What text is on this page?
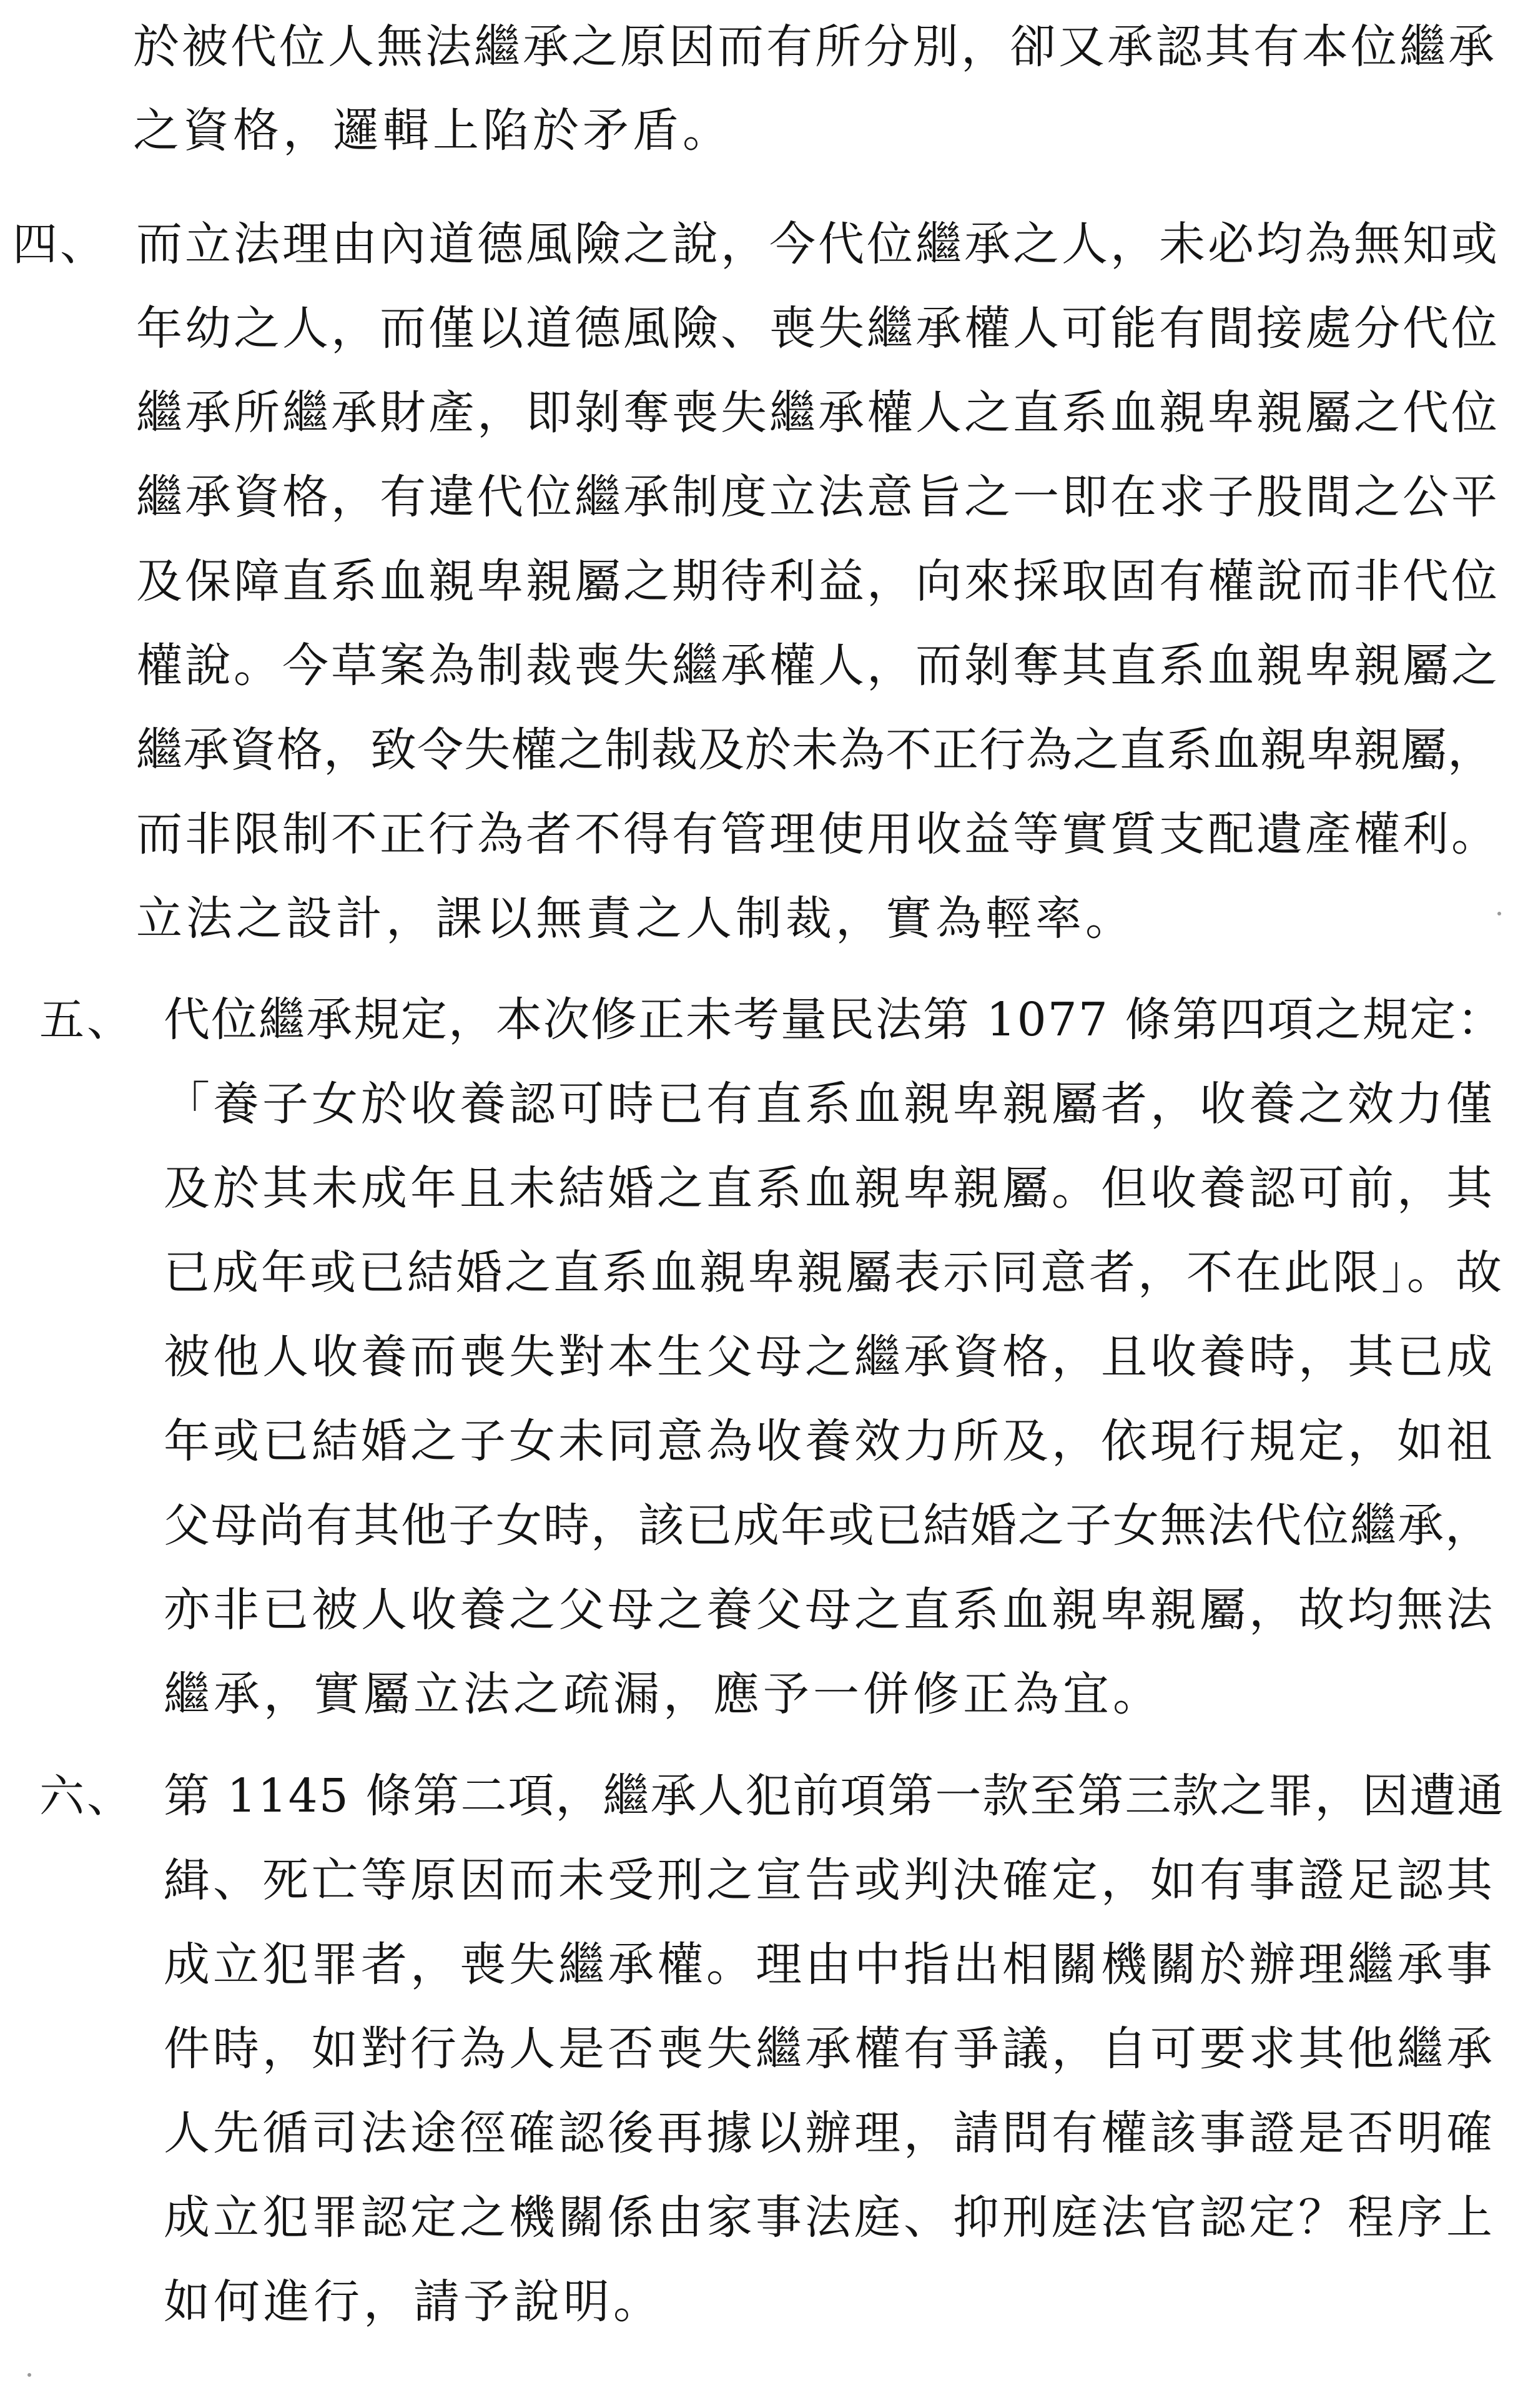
於被代位人無法繼承之原因而有所分別，卻又承認其有本位繼承
之資格，邏輯上陷於矛盾。
四、 而立法理由內道德風險之說，今代位繼承之人，未必均為無知或
年幼之人，而僅以道德風險、喪失繼承權人可能有間接處分代位
繼承所繼承財產，即剝奪喪失繼承權人之直系血親卑親屬之代位
繼承資格，有違代位繼承制度立法意旨之一即在求子股間之公平
及保障直系血親卑親屬之期待利益，向來採取固有權說而非代位
權說。今草案為制裁喪失繼承權人，而剝奪其直系血親卑親屬之
繼承資格，致令失權之制裁及於未為不正行為之直系血親卑親屬，
而非限制不正行為者不得有管理使用收益等實質支配遺產權利。
立法之設計，課以無責之人制裁，實為輕率。
五、 代位繼承規定，本次修正未考量民法第 1077 條第四項之規定：
「養子女於收養認可時已有直系血親卑親屬者，收養之效力僅
及於其未成年且未結婚之直系血親卑親屬。但收養認可前，其
已成年或已結婚之直系血親卑親屬表示同意者，不在此限」。故
被他人收養而喪失對本生父母之繼承資格，且收養時，其已成
年或已結婚之子女未同意為收養效力所及，依現行規定，如祖
父母尚有其他子女時，該已成年或已結婚之子女無法代位繼承，
亦非已被人收養之父母之養父母之直系血親卑親屬，故均無法
繼承，實屬立法之疏漏，應予一併修正為宜。
六、 第 1145 條第二項，繼承人犯前項第一款至第三款之罪，因遭通
緝、死亡等原因而未受刑之宣告或判決確定，如有事證足認其
成立犯罪者，喪失繼承權。理由中指出相關機關於辦理繼承事
件時，如對行為人是否喪失繼承權有爭議，自可要求其他繼承
人先循司法途徑確認後再據以辦理，請問有權該事證是否明確
成立犯罪認定之機關係由家事法庭、抑刑庭法官認定？程序上
如何進行，請予說明。
